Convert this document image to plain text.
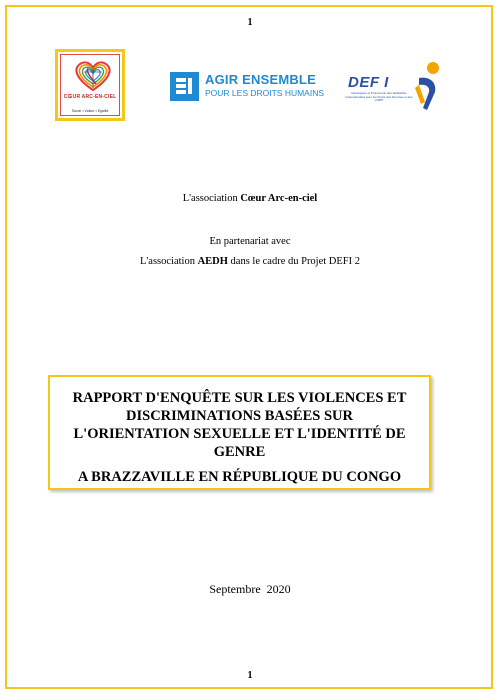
1
CŒUR ARC-EN-CIEL
Savoir • Valeur • Égalité
AGIR ENSEMBLE
POUR LES DROITS HUMAINS
DEF I
Développer et Promouvoir des Solidarités Internationales pour les Droits des Femmes et des LGBTI
L'association Cœur Arc-en-ciel
En partenariat avec
L'association AEDH dans le cadre du Projet DEFI 2
RAPPORT D'ENQUÊTE SUR LES VIOLENCES ET
DISCRIMINATIONS BASÉES SUR
L'ORIENTATION SEXUELLE ET L'IDENTITÉ DE
GENRE
A BRAZZAVILLE EN RÉPUBLIQUE DU CONGO
Septembre  2020
1
